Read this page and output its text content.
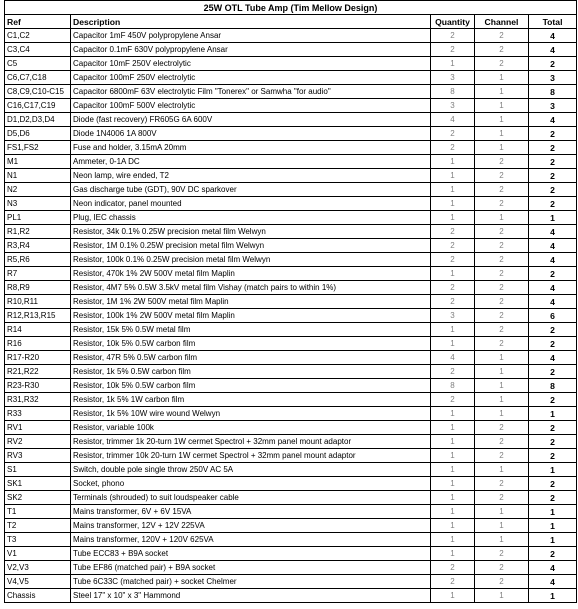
25W OTL Tube Amp (Tim Mellow Design)				
Ref	Description	Quantity	Channel	Total
C1,C2	Capacitor 1mF 450V polypropylene Ansar	2	2	4
C3,C4	Capacitor 0.1mF 630V polypropylene Ansar	2	2	4
C5	Capacitor 10mF 250V electrolytic	1	2	2
C6,C7,C18	Capacitor 100mF 250V electrolytic	3	1	3
C8,C9,C10-C15	Capacitor 6800mF 63V electrolytic Film "Tonerex" or Samwha "for audio"	8	1	8
C16,C17,C19	Capacitor 100mF 500V electrolytic	3	1	3
D1,D2,D3,D4	Diode (fast recovery) FR605G 6A 600V	4	1	4
D5,D6	Diode 1N4006 1A 800V	2	1	2
FS1,FS2	Fuse and holder, 3.15mA 20mm	2	1	2
M1	Ammeter, 0-1A DC	1	2	2
N1	Neon lamp, wire ended, T2	1	2	2
N2	Gas discharge tube (GDT), 90V DC sparkover	1	2	2
N3	Neon indicator, panel mounted	1	2	2
PL1	Plug, IEC chassis	1	1	1
R1,R2	Resistor, 34k 0.1% 0.25W precision metal film Welwyn	2	2	4
R3,R4	Resistor, 1M 0.1% 0.25W precision metal film Welwyn	2	2	4
R5,R6	Resistor, 100k 0.1% 0.25W precision metal film Welwyn	2	2	4
R7	Resistor, 470k 1% 2W 500V metal film Maplin	1	2	2
R8,R9	Resistor, 4M7 5% 0.5W 3.5kV metal film Vishay (match pairs to within 1%)	2	2	4
R10,R11	Resistor, 1M 1% 2W 500V metal film Maplin	2	2	4
R12,R13,R15	Resistor, 100k 1% 2W 500V metal film Maplin	3	2	6
R14	Resistor, 15k 5% 0.5W metal film	1	2	2
R16	Resistor, 10k 5% 0.5W carbon film	1	2	2
R17-R20	Resistor, 47R 5% 0.5W carbon film	4	1	4
R21,R22	Resistor, 1k 5% 0.5W carbon film	2	1	2
R23-R30	Resistor, 10k 5% 0.5W carbon film	8	1	8
R31,R32	Resistor, 1k 5% 1W carbon film	2	1	2
R33	Resistor, 1k 5% 10W wire wound Welwyn	1	1	1
RV1	Resistor, variable 100k	1	2	2
RV2	Resistor, trimmer 1k 20-turn 1W cermet Spectrol + 32mm panel mount adaptor	1	2	2
RV3	Resistor, trimmer 10k 20-turn 1W cermet Spectrol + 32mm panel mount adaptor	1	2	2
S1	Switch, double pole single throw 250V AC 5A	1	1	1
SK1	Socket, phono	1	2	2
SK2	Terminals (shrouded) to suit loudspeaker cable	1	2	2
T1	Mains transformer, 6V + 6V 15VA	1	1	1
T2	Mains transformer, 12V + 12V 225VA	1	1	1
T3	Mains transformer, 120V + 120V 625VA	1	1	1
V1	Tube ECC83 + B9A socket	1	2	2
V2,V3	Tube EF86 (matched pair) + B9A socket	2	2	4
V4,V5	Tube 6C33C (matched pair) + socket Chelmer	2	2	4
Chassis	Steel 17" x 10" x 3" Hammond	1	1	1
